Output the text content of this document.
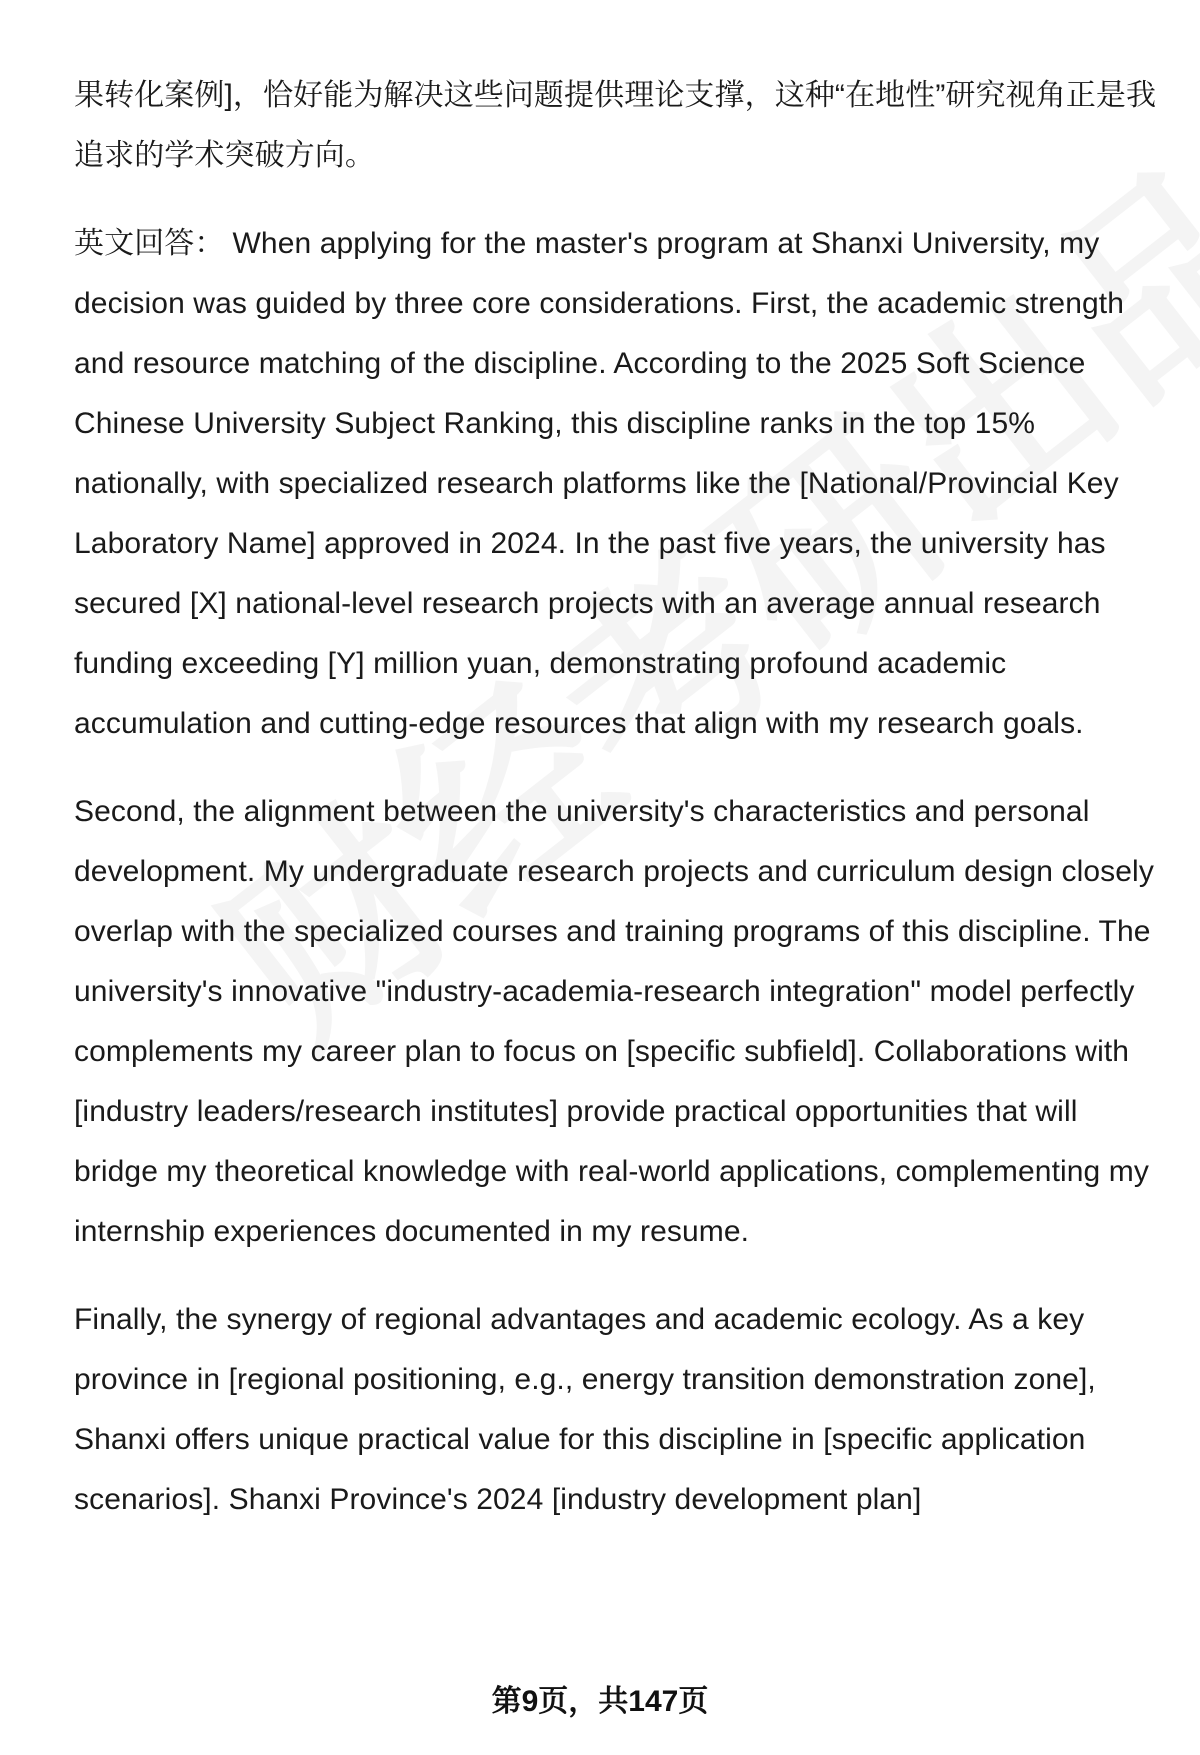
果转化案例]，恰好能为解决这些问题提供理论支撑，这种“在地性”研究视角正是我追求的学术突破方向。

英文回答： When applying for the master's program at Shanxi University, my decision was guided by three core considerations. First, the academic strength and resource matching of the discipline. According to the 2025 Soft Science Chinese University Subject Ranking, this discipline ranks in the top 15% nationally, with specialized research platforms like the [National/Provincial Key Laboratory Name] approved in 2024. In the past five years, the university has secured [X] national-level research projects with an average annual research funding exceeding [Y] million yuan, demonstrating profound academic accumulation and cutting-edge resources that align with my research goals.

Second, the alignment between the university's characteristics and personal development. My undergraduate research projects and curriculum design closely overlap with the specialized courses and training programs of this discipline. The university's innovative "industry-academia-research integration" model perfectly complements my career plan to focus on [specific subfield]. Collaborations with [industry leaders/research institutes] provide practical opportunities that will bridge my theoretical knowledge with real-world applications, complementing my internship experiences documented in my resume.

Finally, the synergy of regional advantages and academic ecology. As a key province in [regional positioning, e.g., energy transition demonstration zone], Shanxi offers unique practical value for this discipline in [specific application scenarios]. Shanxi Province's 2024 [industry development plan]

第9页，共147页
